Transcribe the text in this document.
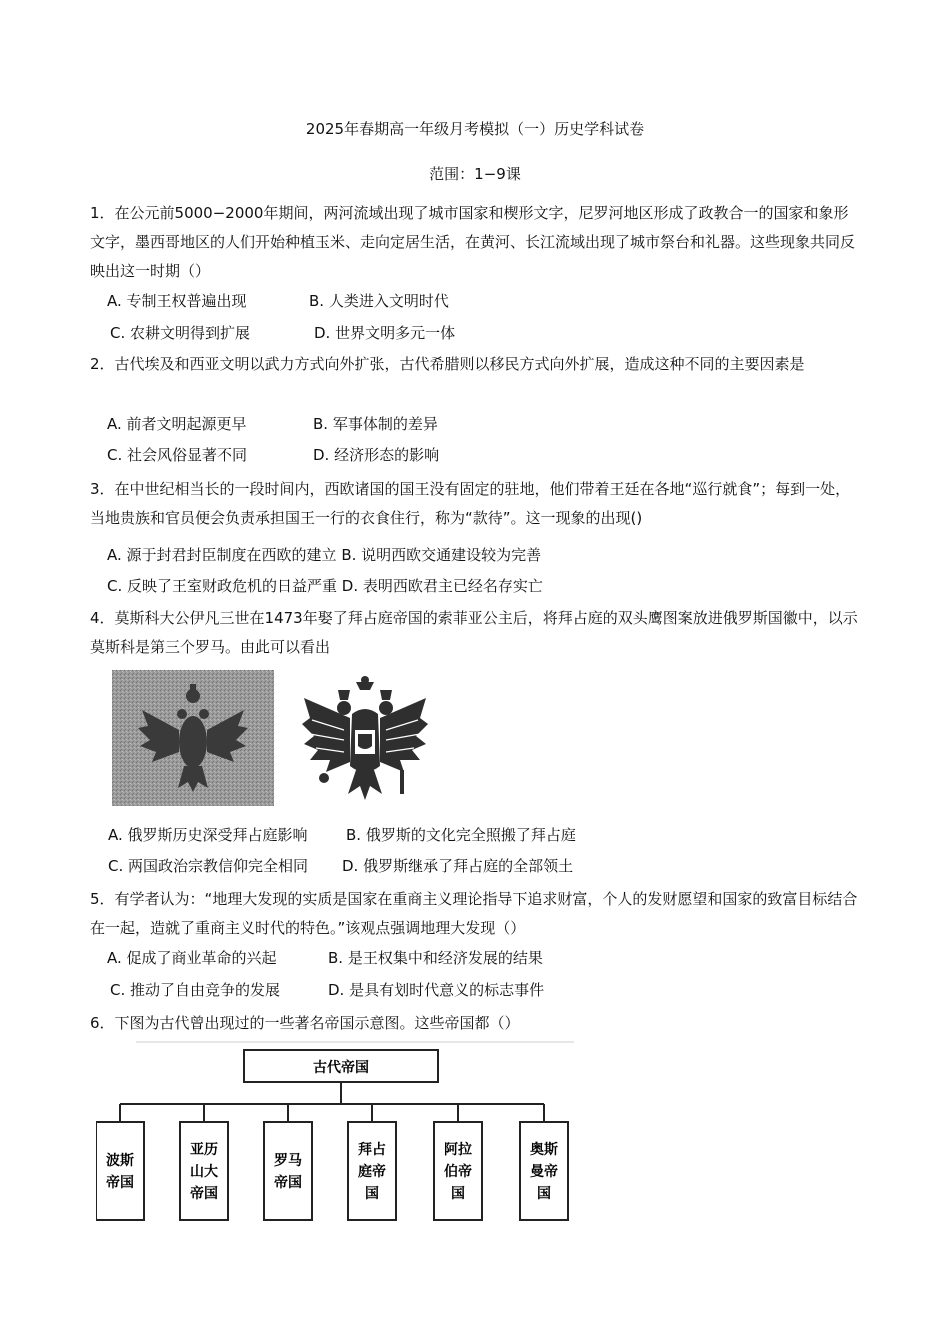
2025年春期高一年级月考模拟（一）历史学科试卷
范围：1−9课
1．在公元前5000−2000年期间，两河流域出现了城市国家和楔形文字，尼罗河地区形成了政教合一的国家和象形文字，墨西哥地区的人们开始种植玉米、走向定居生活，在黄河、长江流域出现了城市祭台和礼器。这些现象共同反映出这一时期（）
A. 专制王权普遍出现	B. 人类进入文明时代
C. 农耕文明得到扩展	D. 世界文明多元一体
2．古代埃及和西亚文明以武力方式向外扩张，古代希腊则以移民方式向外扩展，造成这种不同的主要因素是
A. 前者文明起源更早	B. 军事体制的差异
C. 社会风俗显著不同	D. 经济形态的影响
3．在中世纪相当长的一段时间内，西欧诸国的国王没有固定的驻地，他们带着王廷在各地“巡行就食”；每到一处，当地贵族和官员便会负责承担国王一行的衣食住行，称为“款待”。这一现象的出现()
A. 源于封君封臣制度在西欧的建立 B. 说明西欧交通建设较为完善
C. 反映了王室财政危机的日益严重 D. 表明西欧君主已经名存实亡
4．莫斯科大公伊凡三世在1473年娶了拜占庭帝国的索菲亚公主后，将拜占庭的双头鹰图案放进俄罗斯国徽中，以示莫斯科是第三个罗马。由此可以看出
A. 俄罗斯历史深受拜占庭影响	B. 俄罗斯的文化完全照搬了拜占庭
C. 两国政治宗教信仰完全相同 D. 俄罗斯继承了拜占庭的全部领土
5．有学者认为：“地理大发现的实质是国家在重商主义理论指导下追求财富，个人的发财愿望和国家的致富目标结合在一起，造就了重商主义时代的特色。”该观点强调地理大发现（）
A. 促成了商业革命的兴起	B. 是王权集中和经济发展的结果
C. 推动了自由竞争的发展	D. 是具有划时代意义的标志事件
6．下图为古代曾出现过的一些著名帝国示意图。这些帝国都（）
古代帝国
波斯
帝国
亚历
山大
帝国
罗马
帝国
拜占
庭帝
国
阿拉
伯帝
国
奥斯
曼帝
国
